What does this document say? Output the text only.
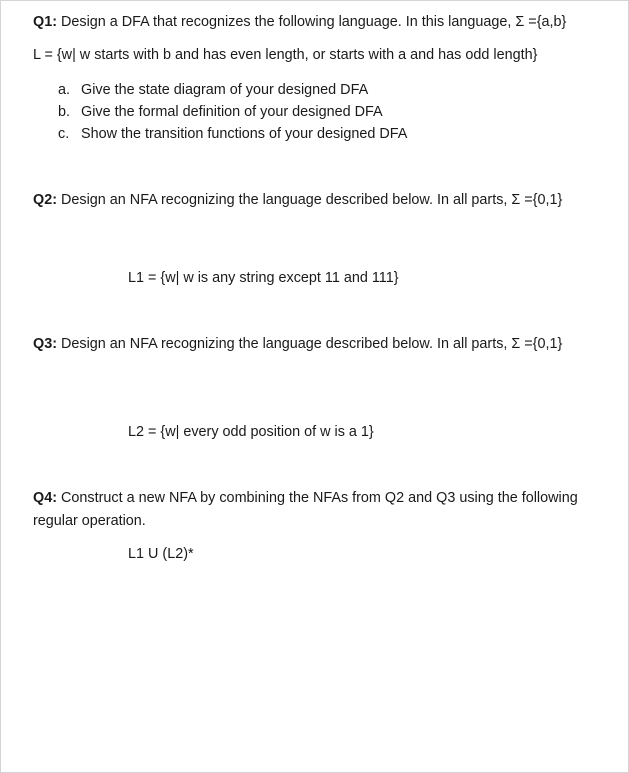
Q1: Design a DFA that recognizes the following language. In this language, Σ ={a,b}
L = {w| w starts with b and has even length, or starts with a and has odd length}
a. Give the state diagram of your designed DFA
b. Give the formal definition of your designed DFA
c. Show the transition functions of your designed DFA
Q2: Design an NFA recognizing the language described below. In all parts, Σ ={0,1}
L1 = {w| w is any string except 11 and 111}
Q3: Design an NFA recognizing the language described below. In all parts, Σ ={0,1}
L2 = {w| every odd position of w is a 1}
Q4: Construct a new NFA by combining the NFAs from Q2 and Q3 using the following
regular operation.
L1 U (L2)*
